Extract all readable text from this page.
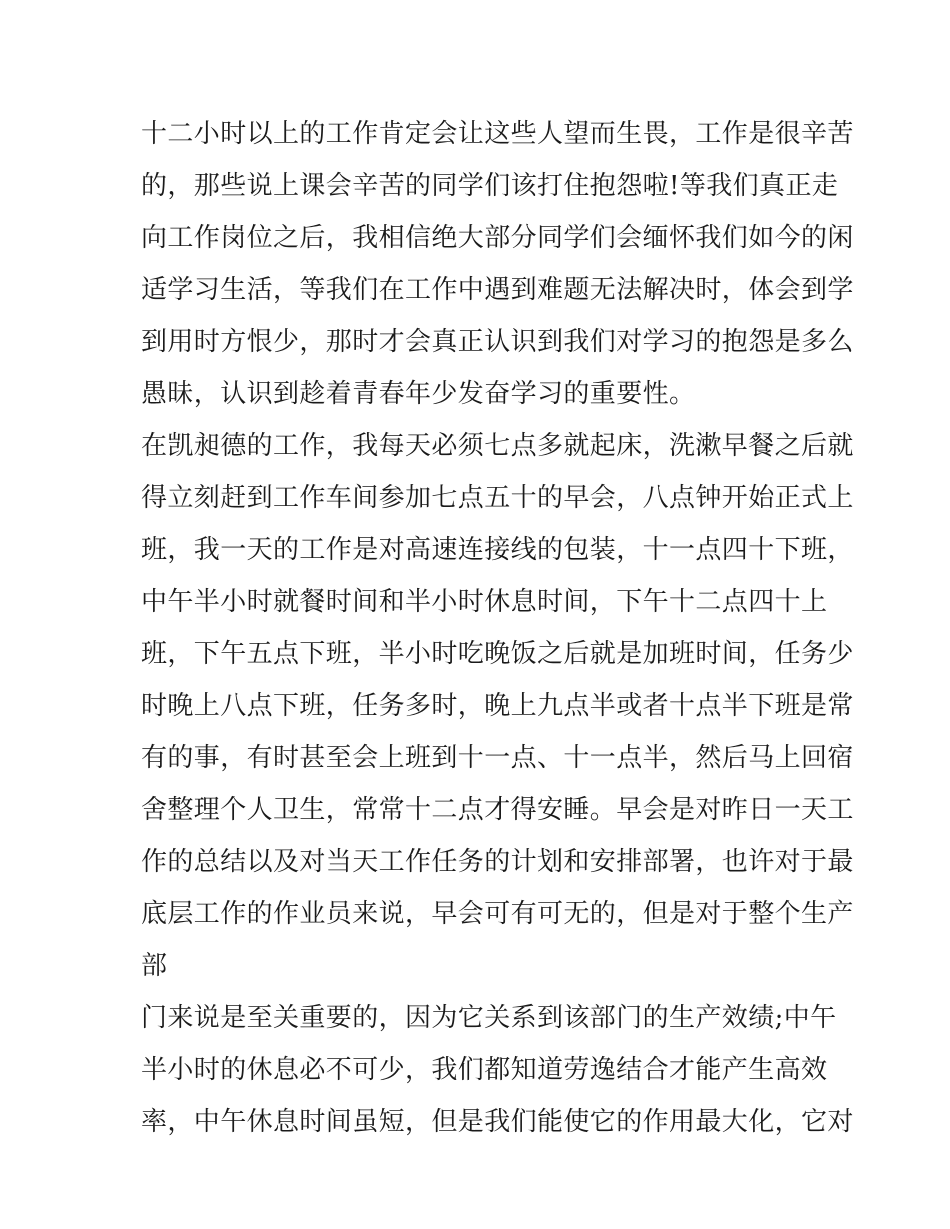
十二小时以上的工作肯定会让这些人望而生畏，工作是很辛苦
的，那些说上课会辛苦的同学们该打住抱怨啦!等我们真正走
向工作岗位之后，我相信绝大部分同学们会缅怀我们如今的闲
适学习生活，等我们在工作中遇到难题无法解决时，体会到学
到用时方恨少，那时才会真正认识到我们对学习的抱怨是多么
愚昧，认识到趁着青春年少发奋学习的重要性。
在凯昶德的工作，我每天必须七点多就起床，洗漱早餐之后就
得立刻赶到工作车间参加七点五十的早会，八点钟开始正式上
班，我一天的工作是对高速连接线的包装，十一点四十下班，
中午半小时就餐时间和半小时休息时间，下午十二点四十上
班，下午五点下班，半小时吃晚饭之后就是加班时间，任务少
时晚上八点下班，任务多时，晚上九点半或者十点半下班是常
有的事，有时甚至会上班到十一点、十一点半，然后马上回宿
舍整理个人卫生，常常十二点才得安睡。早会是对昨日一天工
作的总结以及对当天工作任务的计划和安排部署，也许对于最
底层工作的作业员来说，早会可有可无的，但是对于整个生产
部
门来说是至关重要的，因为它关系到该部门的生产效绩;中午
半小时的休息必不可少，我们都知道劳逸结合才能产生高效
率，中午休息时间虽短，但是我们能使它的作用最大化，它对
